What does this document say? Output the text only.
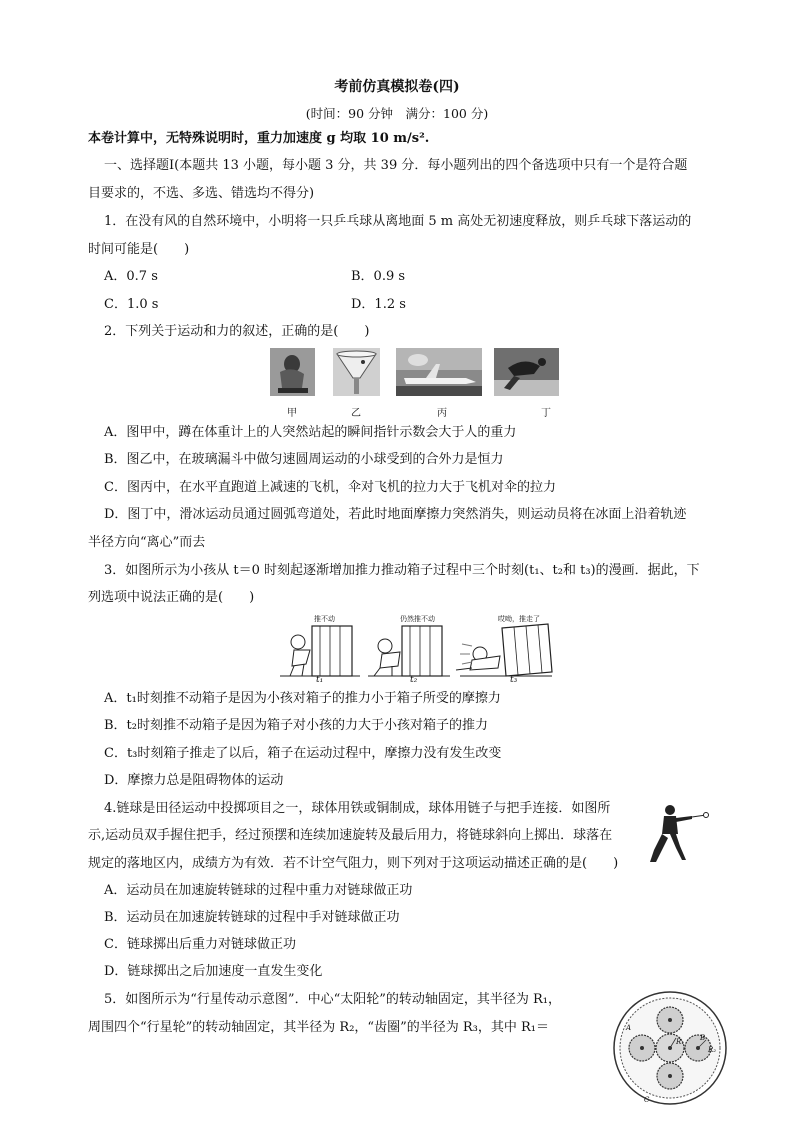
考前仿真模拟卷(四)
(时间：90 分钟　满分：100 分)
本卷计算中，无特殊说明时，重力加速度 g 均取 10 m/s².
一、选择题Ⅰ(本题共 13 小题，每小题 3 分，共 39 分．每小题列出的四个备选项中只有一个是符合题
目要求的，不选、多选、错选均不得分)
1．在没有风的自然环境中，小明将一只乒乓球从离地面 5 m 高处无初速度释放，则乒乓球下落运动的
时间可能是(　　)
A．0.7 s	B．0.9 s
C．1.0 s	D．1.2 s
2．下列关于运动和力的叙述，正确的是(　　)
甲	乙	丙	丁
A．图甲中，蹲在体重计上的人突然站起的瞬间指针示数会大于人的重力
B．图乙中，在玻璃漏斗中做匀速圆周运动的小球受到的合外力是恒力
C．图丙中，在水平直跑道上减速的飞机，伞对飞机的拉力大于飞机对伞的拉力
D．图丁中，滑冰运动员通过圆弧弯道处，若此时地面摩擦力突然消失，则运动员将在冰面上沿着轨迹
半径方向“离心”而去
3．如图所示为小孩从 t＝0 时刻起逐渐增加推力推动箱子过程中三个时刻(t₁、t₂和 t₃)的漫画．据此，下
列选项中说法正确的是(　　)
推不动	仍然推不动	哎呦，推走了
t₁	t₂	t₃
A．t₁时刻推不动箱子是因为小孩对箱子的推力小于箱子所受的摩擦力
B．t₂时刻推不动箱子是因为箱子对小孩的力大于小孩对箱子的推力
C．t₃时刻箱子推走了以后，箱子在运动过程中，摩擦力没有发生改变
D．摩擦力总是阻碍物体的运动
4.链球是田径运动中投掷项目之一，球体用铁或铜制成，球体用链子与把手连接．如图所
示,运动员双手握住把手，经过预摆和连续加速旋转及最后用力，将链球斜向上掷出．球落在
规定的落地区内，成绩方为有效．若不计空气阻力，则下列对于这项运动描述正确的是(　　)
A．运动员在加速旋转链球的过程中重力对链球做正功
B．运动员在加速旋转链球的过程中手对链球做正功
C．链球掷出后重力对链球做正功
D．链球掷出之后加速度一直发生变化
5．如图所示为“行星传动示意图”．中心“太阳轮”的转动轴固定，其半径为 R₁，
周围四个“行星轮”的转动轴固定，其半径为 R₂，“齿圈”的半径为 R₃，其中 R₁＝	A
B
C
R₁
R₂
